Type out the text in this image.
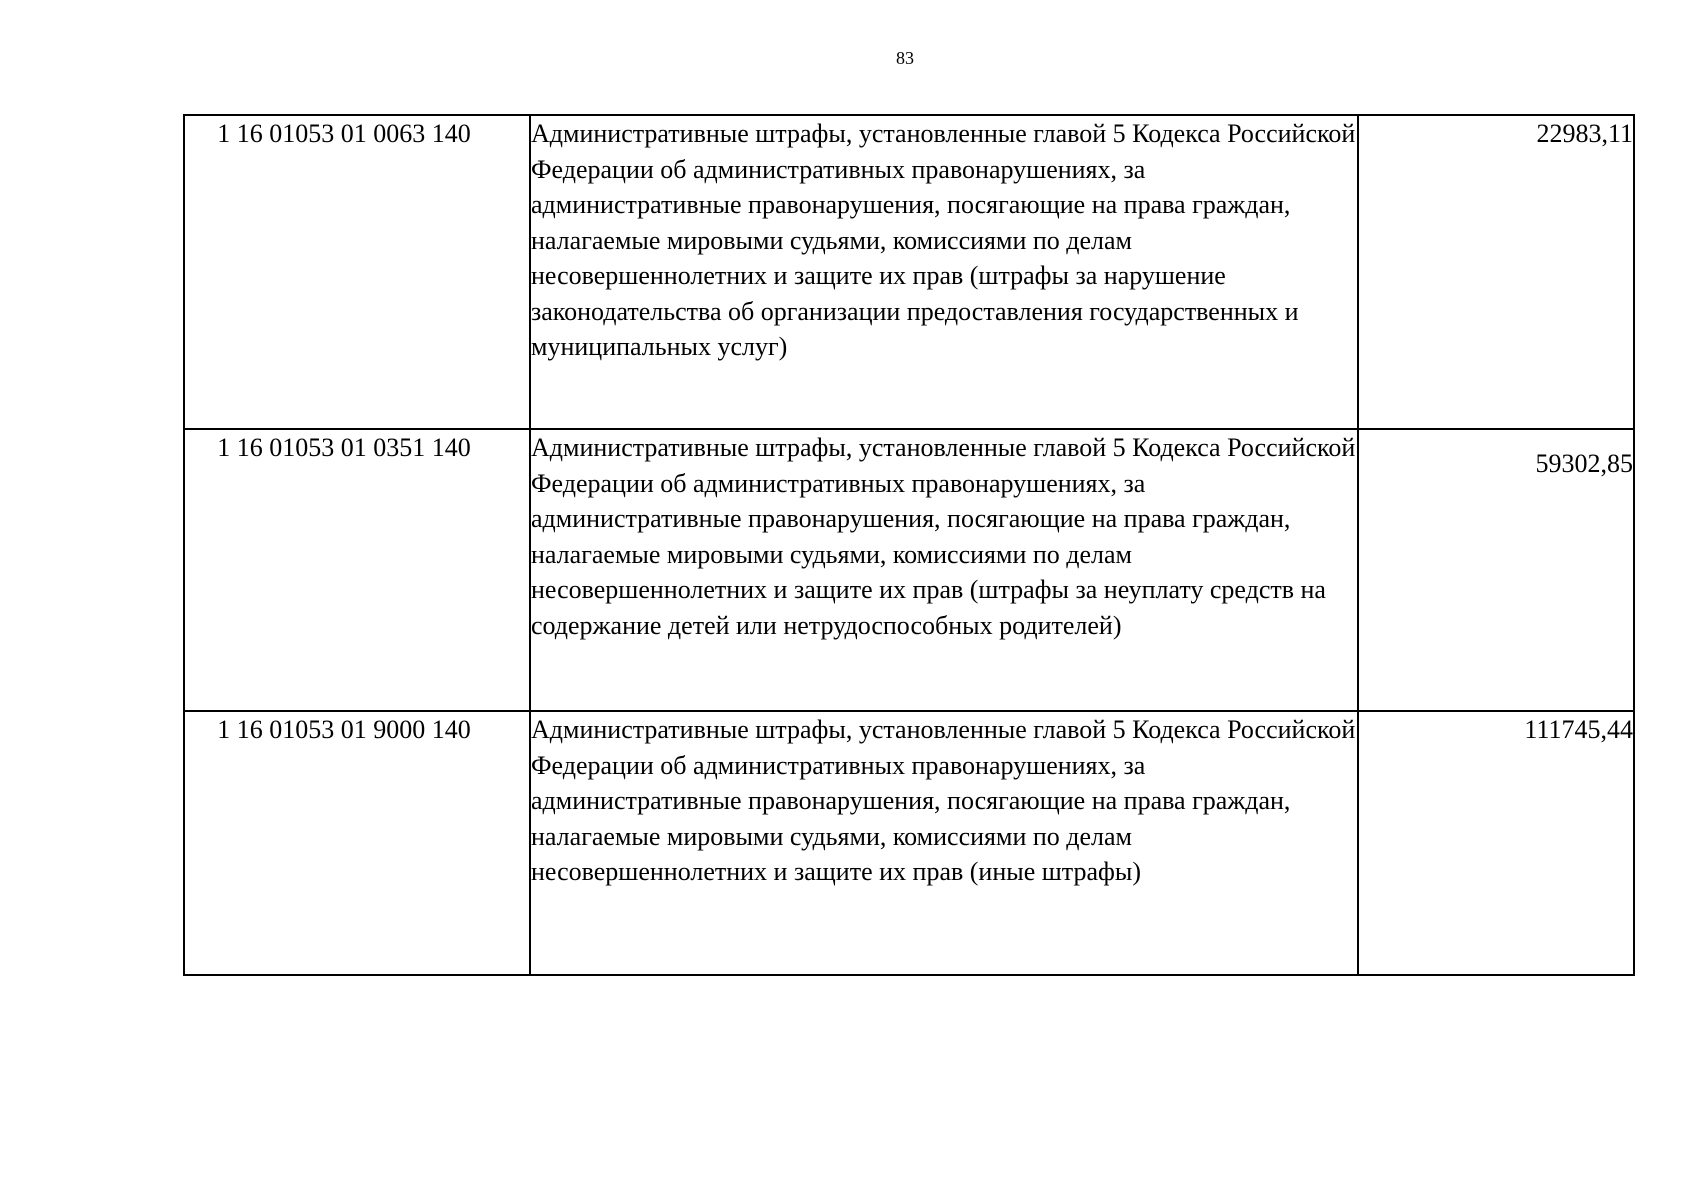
83
1 16 01053 01 0063 140	Административные штрафы, установленные главой 5 Кодекса Российской Федерации об административных правонарушениях, за административные правонарушения, посягающие на права граждан, налагаемые мировыми судьями, комиссиями по делам несовершеннолетних и защите их прав (штрафы за нарушение законодательства об организации предоставления государственных и муниципальных услуг)	22983,11
1 16 01053 01 0351 140	Административные штрафы, установленные главой 5 Кодекса Российской Федерации об административных правонарушениях, за административные правонарушения, посягающие на права граждан, налагаемые мировыми судьями, комиссиями по делам несовершеннолетних и защите их прав (штрафы за неуплату средств на содержание детей или нетрудоспособных родителей)	59302,85
1 16 01053 01 9000 140	Административные штрафы, установленные главой 5 Кодекса Российской Федерации об административных правонарушениях, за административные правонарушения, посягающие на права граждан, налагаемые мировыми судьями, комиссиями по делам несовершеннолетних и защите их прав (иные штрафы)	111745,44
